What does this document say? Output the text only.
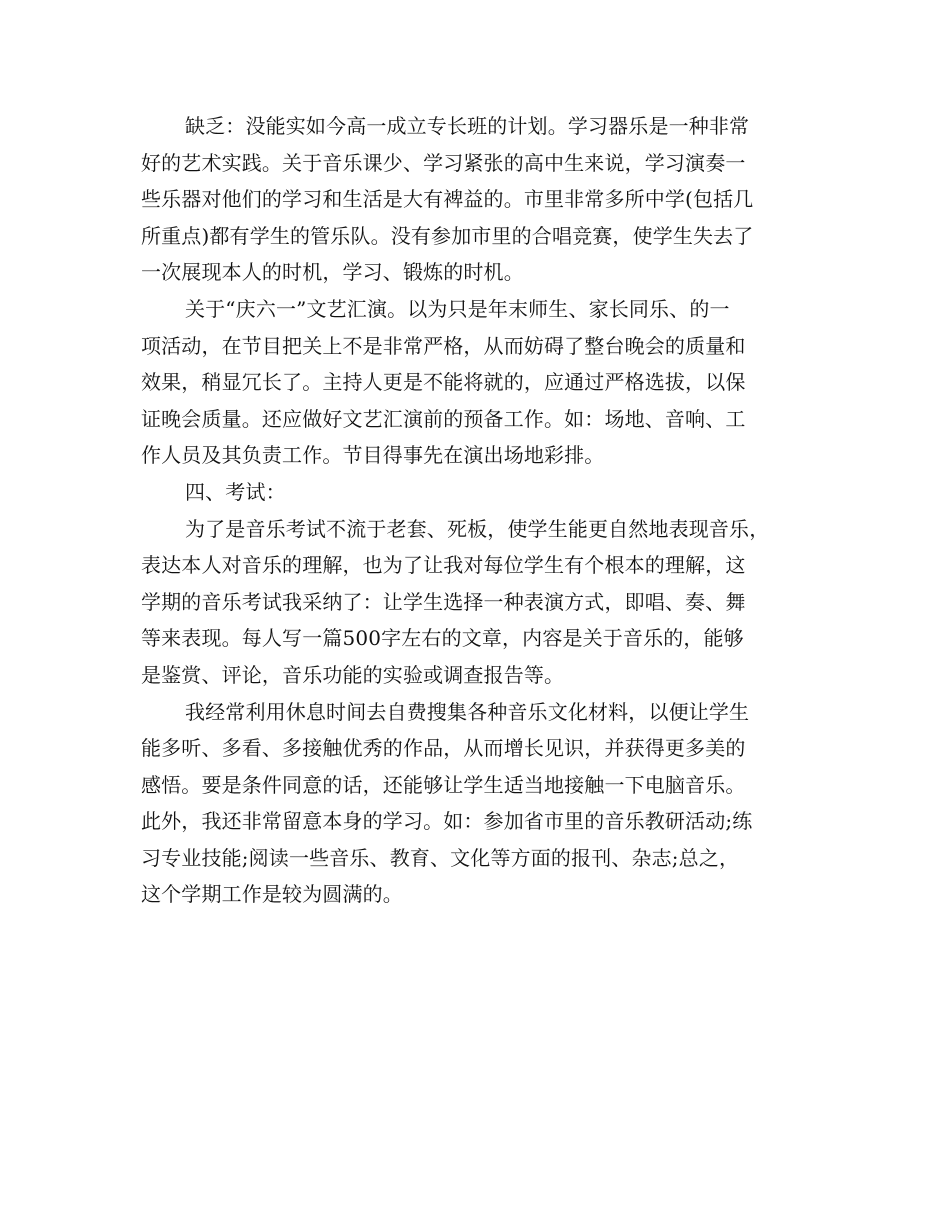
缺乏：没能实如今高一成立专长班的计划。学习器乐是一种非常
好的艺术实践。关于音乐课少、学习紧张的高中生来说，学习演奏一
些乐器对他们的学习和生活是大有裨益的。市里非常多所中学(包括几
所重点)都有学生的管乐队。没有参加市里的合唱竞赛，使学生失去了
一次展现本人的时机，学习、锻炼的时机。
关于“庆六一”文艺汇演。以为只是年末师生、家长同乐、的一
项活动，在节目把关上不是非常严格，从而妨碍了整台晚会的质量和
效果，稍显冗长了。主持人更是不能将就的，应通过严格选拔，以保
证晚会质量。还应做好文艺汇演前的预备工作。如：场地、音响、工
作人员及其负责工作。节目得事先在演出场地彩排。
四、考试：
为了是音乐考试不流于老套、死板，使学生能更自然地表现音乐，
表达本人对音乐的理解，也为了让我对每位学生有个根本的理解，这
学期的音乐考试我采纳了：让学生选择一种表演方式，即唱、奏、舞
等来表现。每人写一篇500字左右的文章，内容是关于音乐的，能够
是鉴赏、评论，音乐功能的实验或调查报告等。
我经常利用休息时间去自费搜集各种音乐文化材料，以便让学生
能多听、多看、多接触优秀的作品，从而增长见识，并获得更多美的
感悟。要是条件同意的话，还能够让学生适当地接触一下电脑音乐。
此外，我还非常留意本身的学习。如：参加省市里的音乐教研活动;练
习专业技能;阅读一些音乐、教育、文化等方面的报刊、杂志;总之，
这个学期工作是较为圆满的。
